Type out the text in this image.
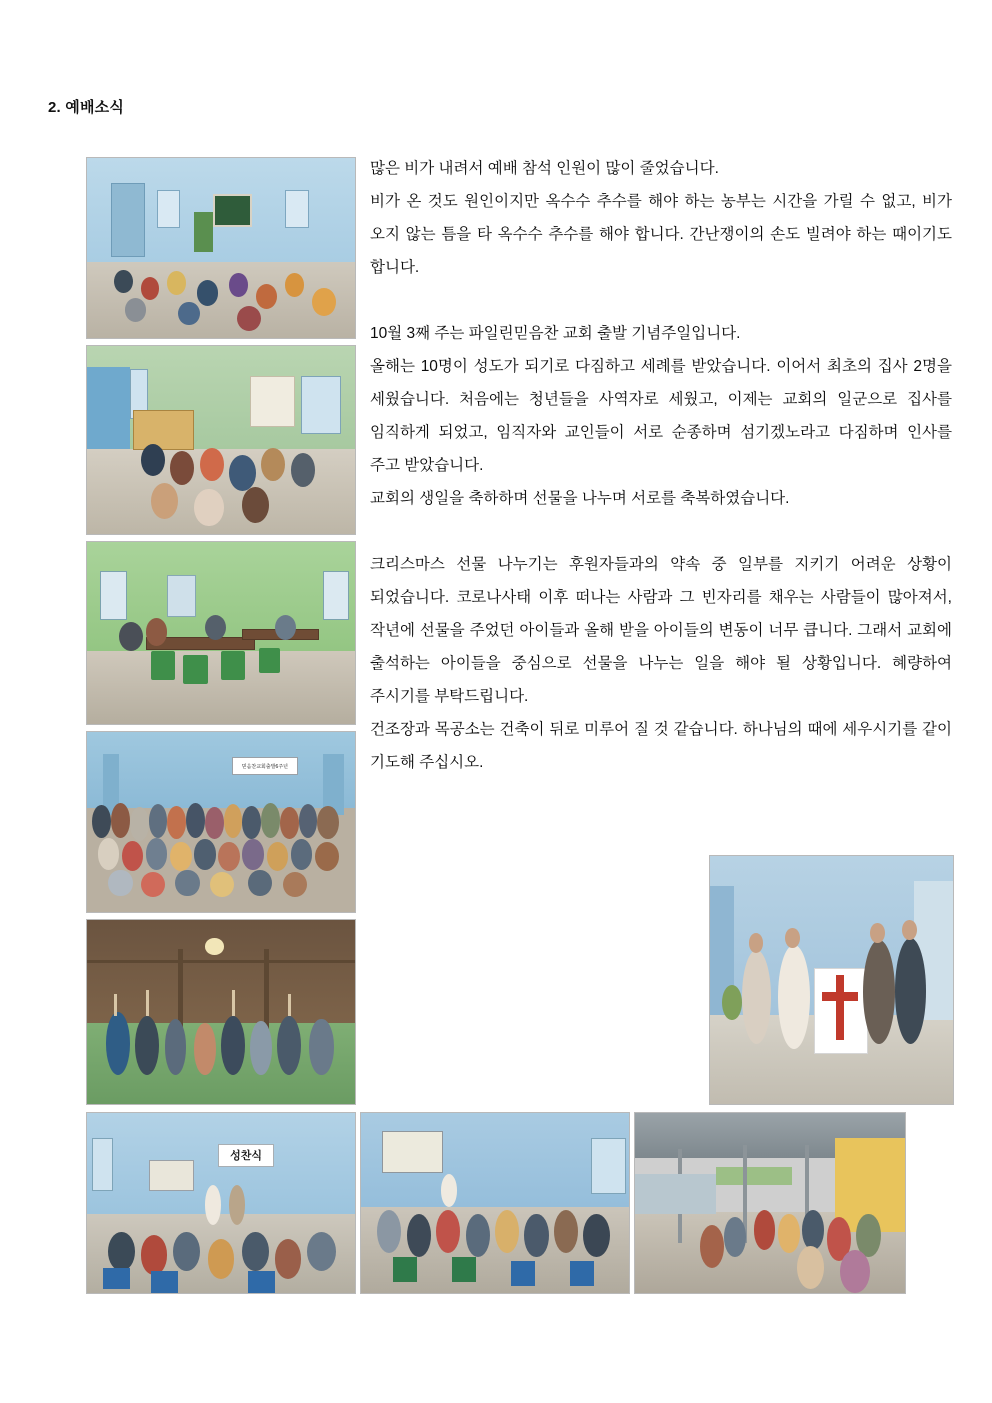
2. 예배소식
믿음찬교회출발6주년
성찬식

많은 비가 내려서 예배 참석 인원이 많이 줄었습니다.

비가 온 것도 원인이지만 옥수수 추수를 해야 하는 농부는 시간을 가릴 수 없고, 비가 오지 않는 틈을 타 옥수수 추수를 해야 합니다. 간난쟁이의 손도 빌려야 하는 때이기도 합니다.

10월 3째 주는 파일린믿음찬 교회 출발 기념주일입니다.

올해는 10명이 성도가 되기로 다짐하고 세례를 받았습니다. 이어서 최초의 집사 2명을 세웠습니다. 처음에는 청년들을 사역자로 세웠고, 이제는 교회의 일군으로 집사를 임직하게 되었고, 임직자와 교인들이 서로 순종하며 섬기겠노라고 다짐하며 인사를 주고 받았습니다.

교회의 생일을 축하하며 선물을 나누며 서로를 축복하였습니다.

크리스마스 선물 나누기는 후원자들과의 약속 중 일부를 지키기 어려운 상황이 되었습니다. 코로나사태 이후 떠나는 사람과 그 빈자리를 채우는 사람들이 많아져서, 작년에 선물을 주었던 아이들과 올해 받을 아이들의 변동이 너무 큽니다. 그래서 교회에 출석하는 아이들을 중심으로 선물을 나누는 일을 해야 될 상황입니다. 혜량하여 주시기를 부탁드립니다.

건조장과 목공소는 건축이 뒤로 미루어 질 것 같습니다. 하나님의 때에 세우시기를 같이 기도해 주십시오.
